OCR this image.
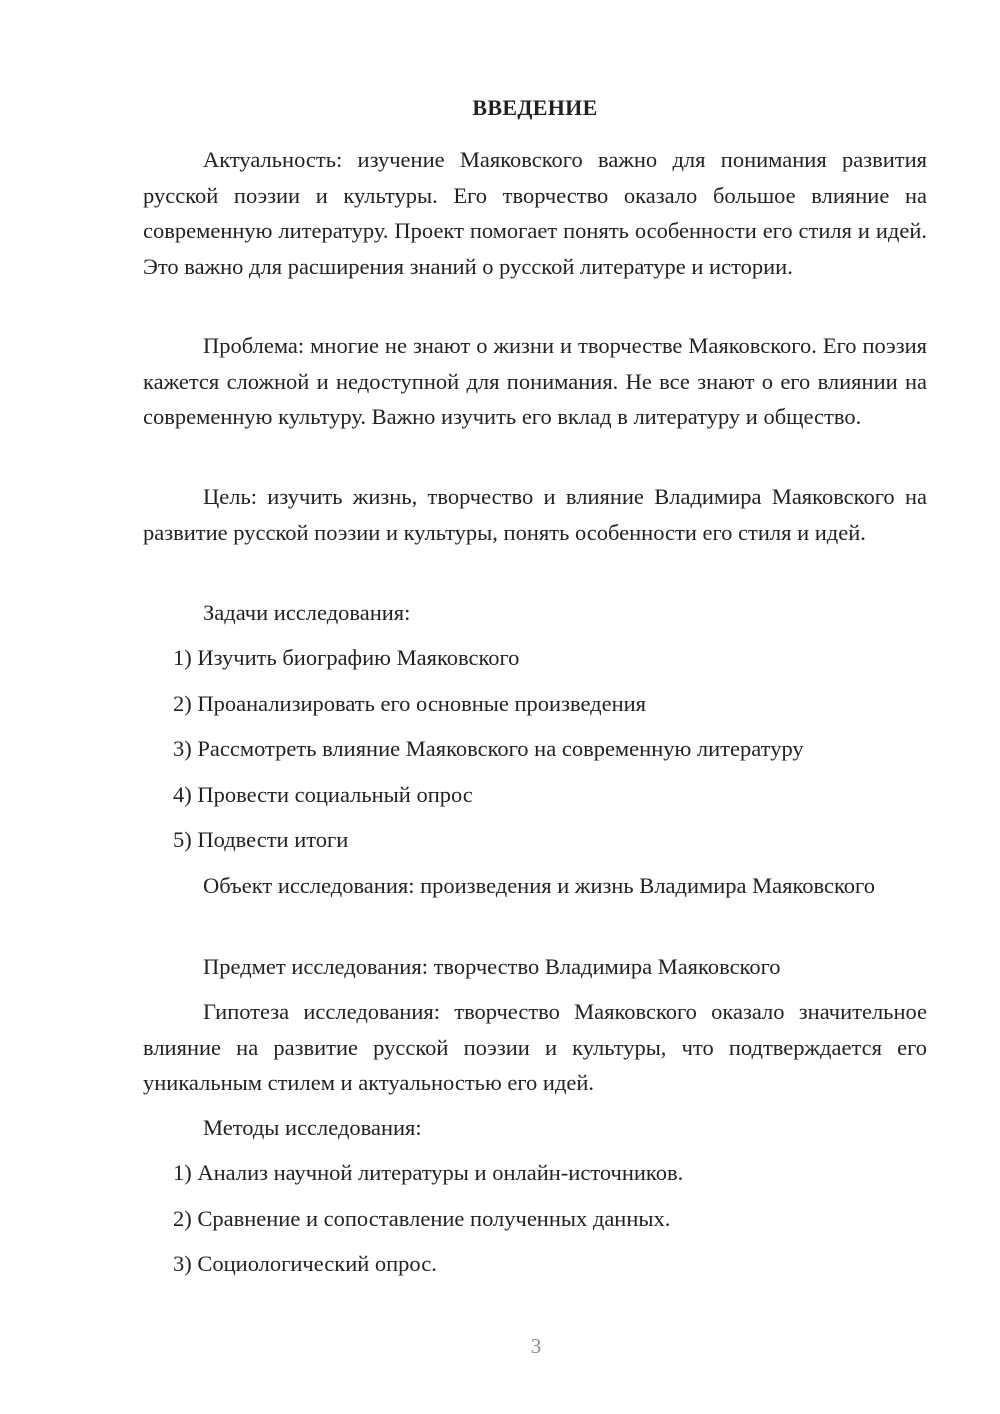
ВВЕДЕНИЕ

Актуальность: изучение Маяковского важно для понимания развития русской поэзии и культуры. Его творчество оказало большое влияние на современную литературу. Проект помогает понять особенности его стиля и идей. Это важно для расширения знаний о русской литературе и истории.

Проблема: многие не знают о жизни и творчестве Маяковского. Его поэзия кажется сложной и недоступной для понимания. Не все знают о его влиянии на современную культуру. Важно изучить его вклад в литературу и общество.

Цель: изучить жизнь, творчество и влияние Владимира Маяковского на развитие русской поэзии и культуры, понять особенности его стиля и идей.

Задачи исследования:
1) Изучить биографию Маяковского
2) Проанализировать его основные произведения
3) Рассмотреть влияние Маяковского на современную литературу
4) Провести социальный опрос
5) Подвести итоги

Объект исследования: произведения и жизнь Владимира Маяковского

Предмет исследования: творчество Владимира Маяковского

Гипотеза исследования: творчество Маяковского оказало значительное влияние на развитие русской поэзии и культуры, что подтверждается его уникальным стилем и актуальностью его идей.

Методы исследования:
1) Анализ научной литературы и онлайн-источников.
2) Сравнение и сопоставление полученных данных.
3) Социологический опрос.
3
